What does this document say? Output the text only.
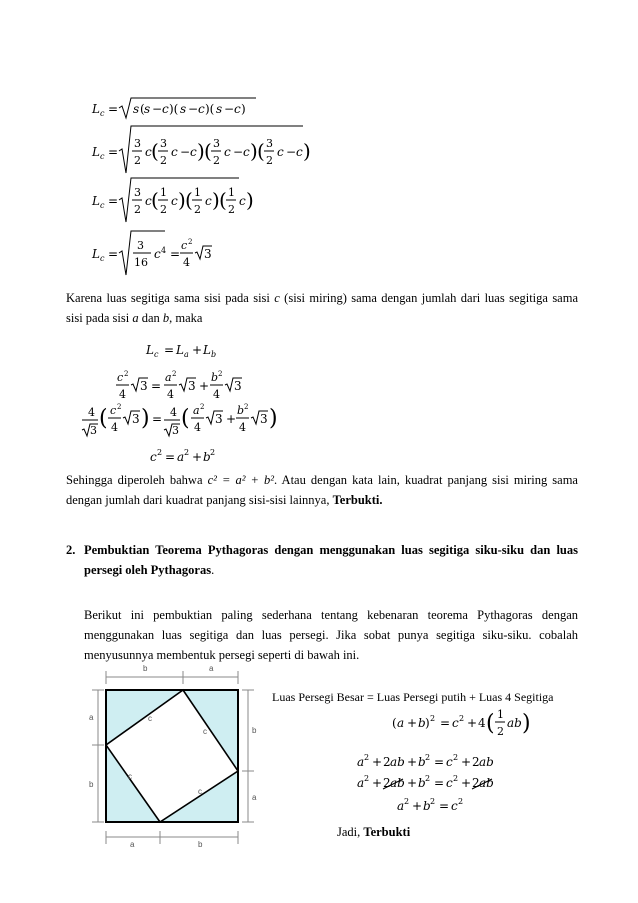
L c = s ( s − c )( s − c )( s − c )
L c =
3
2
c ( 3
2
c − c ) ( 3
2
c − c ) ( 3
2
c − c )
L c =
3
2
c ( 1
2
c ) ( 1
2
c ) ( 1
2
c )
L c =
3
16
c 4 =
c 2
4
3
L c = L a + L b
c 2
4
3 =
a 2
4
3 +
b 2
4
3
4
3 ( c 2
4
3 ) = 4
3 ( a 2
4
3 +
b 2
4
3 )
c 2 = a 2 + b 2
b	a
a	b
a
b
b
a
c
c
c
c
Karena luas segitiga sama sisi pada sisi c (sisi miring) sama dengan jumlah dari luas segitiga sama
sisi pada sisi a dan b, maka
Sehingga diperoleh bahwa c² = a² + b². Atau dengan kata lain, kuadrat panjang sisi miring sama
dengan jumlah dari kuadrat panjang sisi-sisi lainnya, Terbukti.
2. Pembuktian Teorema Pythagoras dengan menggunakan luas segitiga siku-siku dan luas
persegi oleh Pythagoras.
Berikut ini pembuktian paling sederhana tentang kebenaran teorema Pythagoras dengan
menggunakan luas segitiga dan luas persegi. Jika sobat punya segitiga siku-siku. cobalah
menyusunnya membentuk persegi seperti di bawah ini.
Luas Persegi Besar = Luas Persegi putih + Luas 4 Segitiga
( a + b ) 2 = c 2 + 4 ( 1
2
ab )
a 2 + 2 ab + b 2 = c 2 + 2 ab
a 2 + 2 ab + b 2 = c 2 + 2 ab
a 2 + b 2 = c 2
Jadi, Terbukti
